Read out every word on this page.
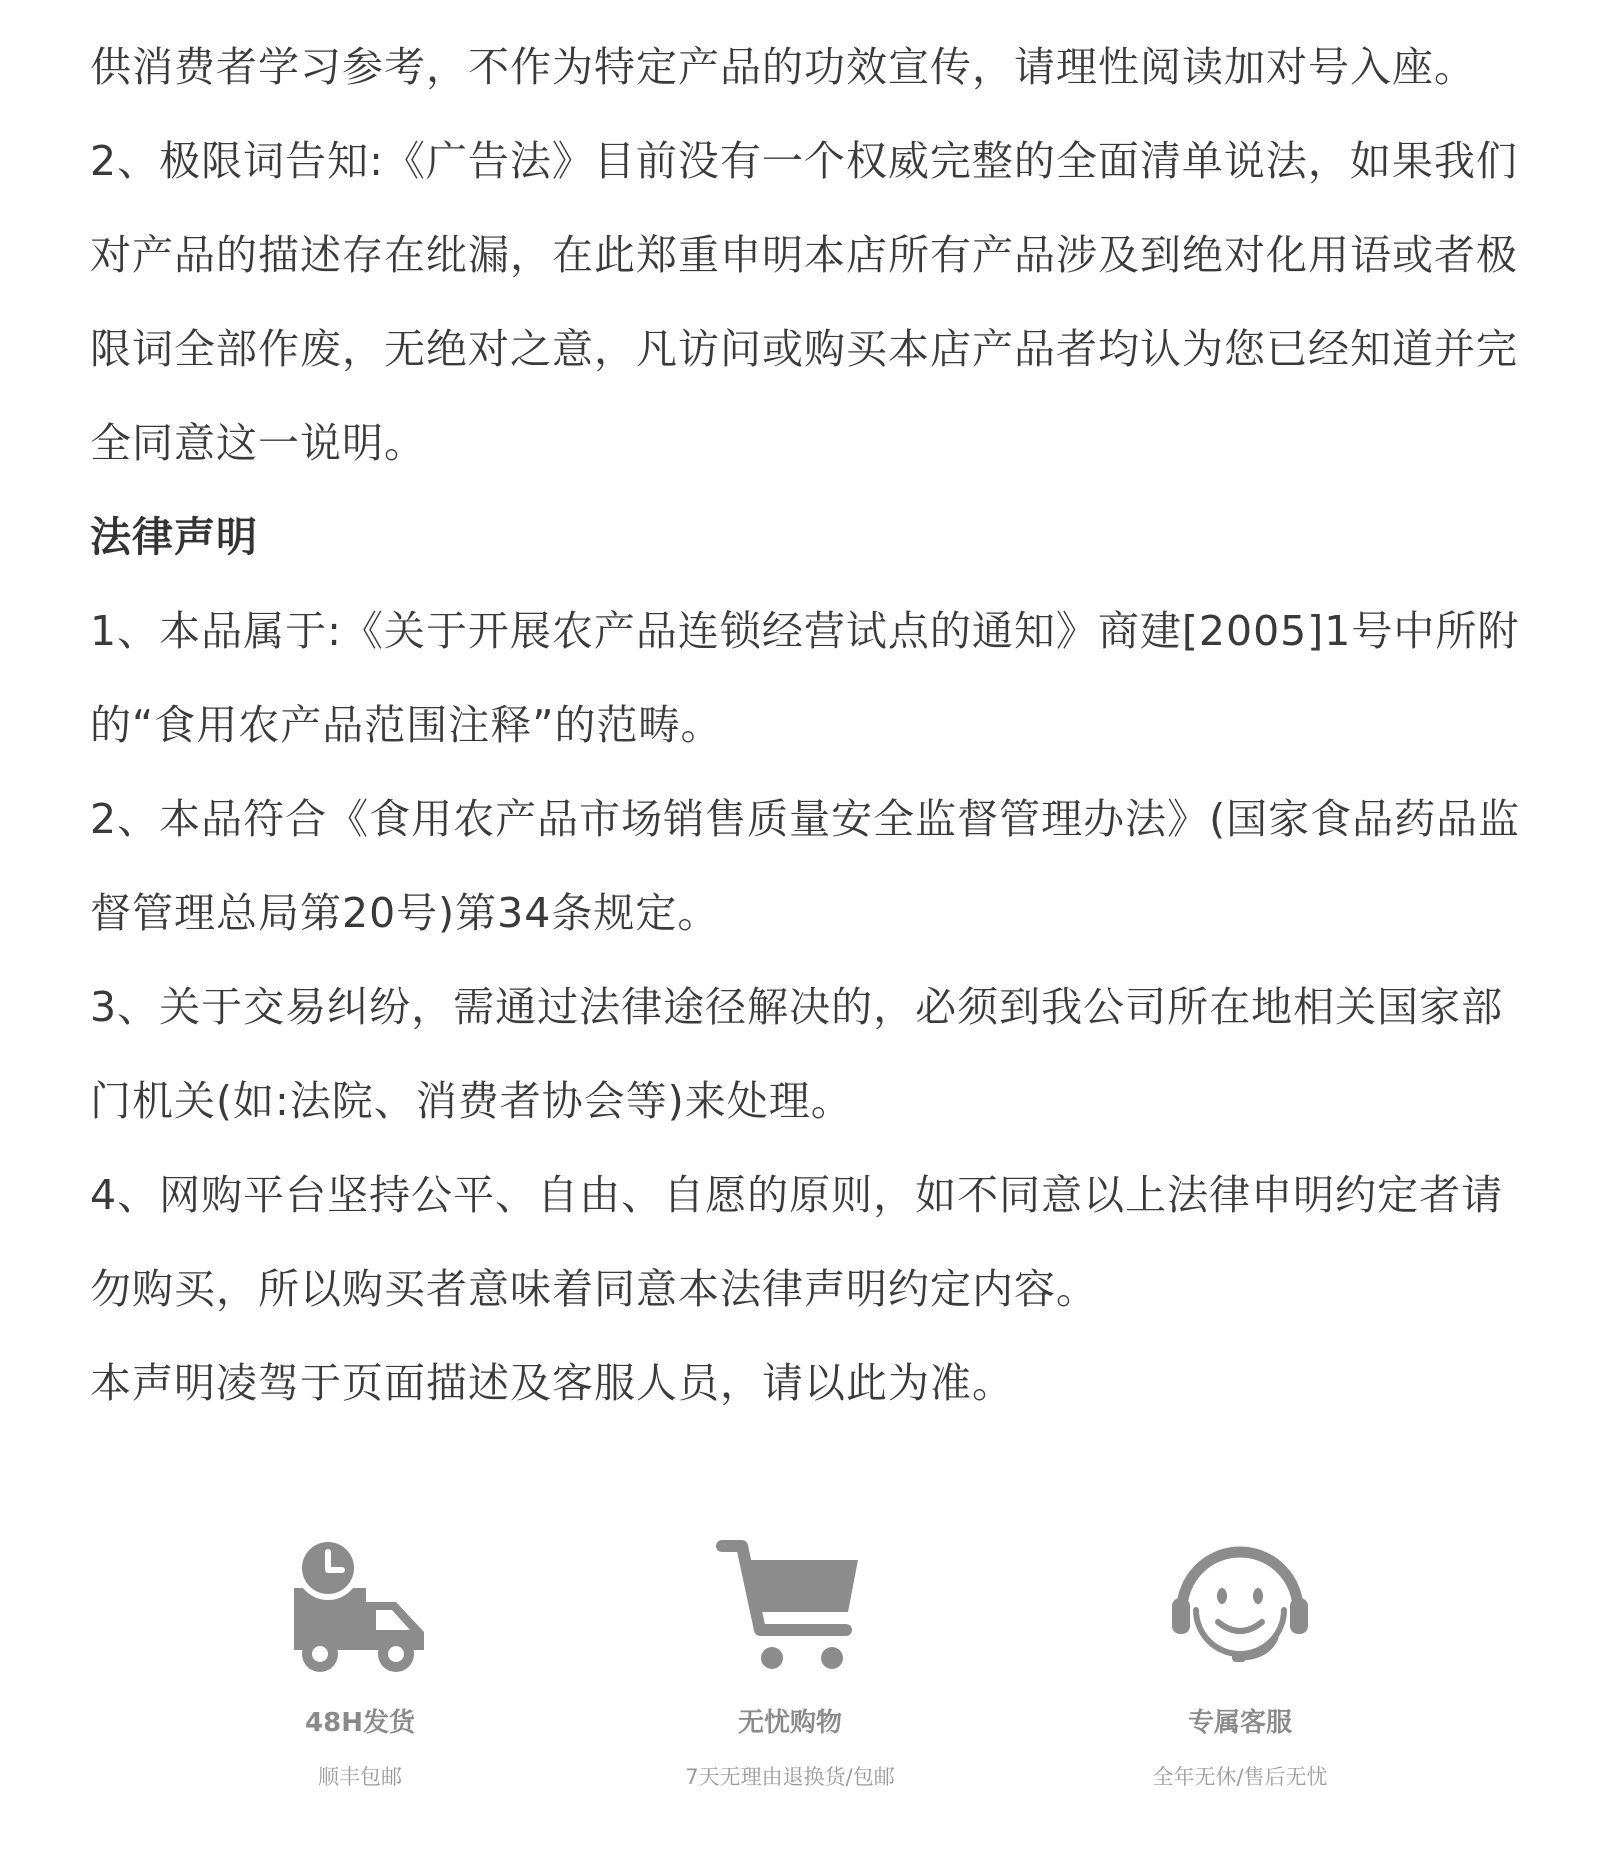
供消费者学习参考，不作为特定产品的功效宣传，请理性阅读加对号入座。
2、极限词告知:《广告法》目前没有一个权威完整的全面清单说法，如果我们
对产品的描述存在纰漏，在此郑重申明本店所有产品涉及到绝对化用语或者极
限词全部作废，无绝对之意，凡访问或购买本店产品者均认为您已经知道并完
全同意这一说明。
法律声明
1、本品属于:《关于开展农产品连锁经营试点的通知》商建[2005]1号中所附
的“食用农产品范围注释”的范畴。
2、本品符合《食用农产品市场销售质量安全监督管理办法》(国家食品药品监
督管理总局第20号)第34条规定。
3、关于交易纠纷，需通过法律途径解决的，必须到我公司所在地相关国家部
门机关(如:法院、消费者协会等)来处理。
4、网购平台坚持公平、自由、自愿的原则，如不同意以上法律申明约定者请
勿购买，所以购买者意味着同意本法律声明约定内容。
本声明凌驾于页面描述及客服人员，请以此为准。
48H发货
顺丰包邮
无忧购物
7天无理由退换货/包邮
专属客服
全年无休/售后无忧
